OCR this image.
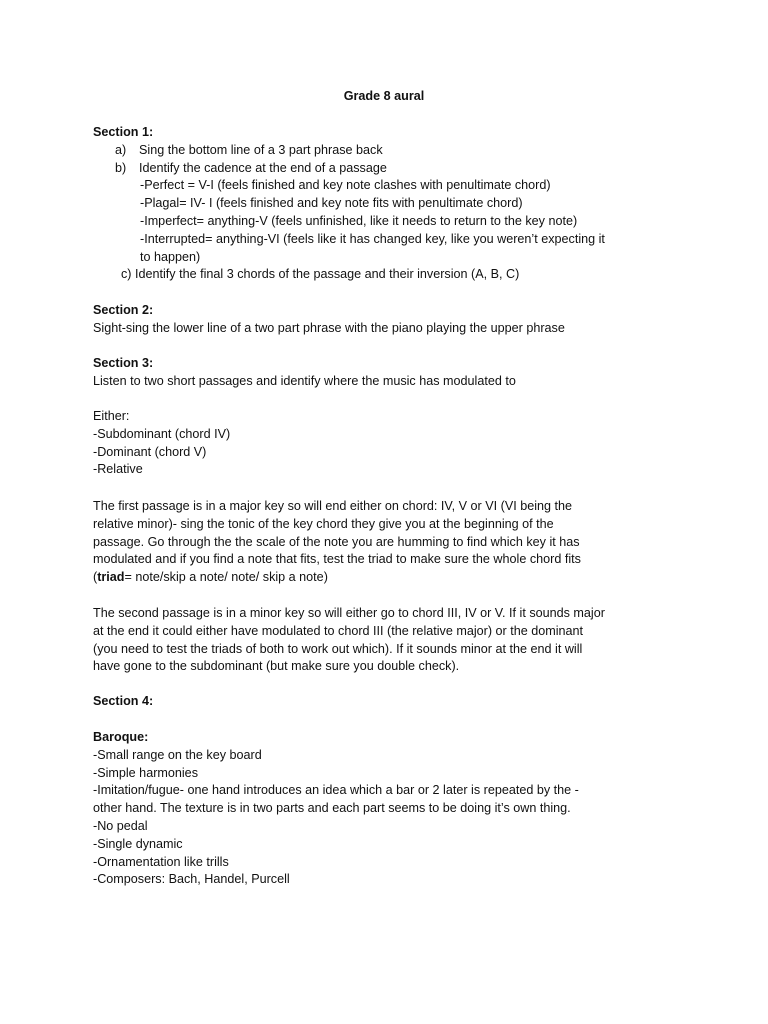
Grade 8 aural
Section 1:
a) Sing the bottom line of a 3 part phrase back
b) Identify the cadence at the end of a passage
-Perfect = V-I (feels finished and key note clashes with penultimate chord)
-Plagal= IV- I (feels finished and key note fits with penultimate chord)
-Imperfect= anything-V (feels unfinished, like it needs to return to the key note)
-Interrupted= anything-VI (feels like it has changed key, like you weren’t expecting it
to happen)
c) Identify the final 3 chords of the passage and their inversion (A, B, C)
Section 2:
Sight-sing the lower line of a two part phrase with the piano playing the upper phrase
Section 3:
Listen to two short passages and identify where the music has modulated to
Either:
-Subdominant (chord IV)
-Dominant (chord V)
-Relative
The first passage is in a major key so will end either on chord: IV, V or VI (VI being the
relative minor)- sing the tonic of the key chord they give you at the beginning of the
passage. Go through the the scale of the note you are humming to find which key it has
modulated and if you find a note that fits, test the triad to make sure the whole chord fits
(triad= note/skip a note/ note/ skip a note)
The second passage is in a minor key so will either go to chord III, IV or V. If it sounds major
at the end it could either have modulated to chord III (the relative major) or the dominant
(you need to test the triads of both to work out which). If it sounds minor at the end it will
have gone to the subdominant (but make sure you double check).
Section 4:
Baroque:
-Small range on the key board
-Simple harmonies
-Imitation/fugue- one hand introduces an idea which a bar or 2 later is repeated by the -
other hand. The texture is in two parts and each part seems to be doing it’s own thing.
-No pedal
-Single dynamic
-Ornamentation like trills
-Composers: Bach, Handel, Purcell
